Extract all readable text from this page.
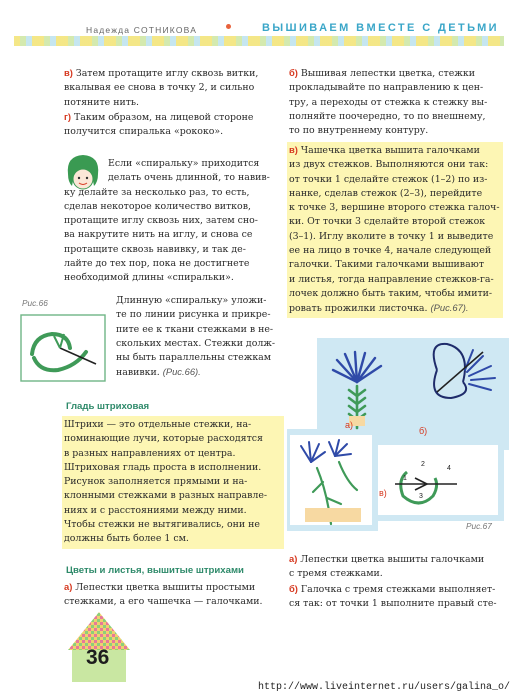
Надежда СОТНИКОВА	ВЫШИВАЕМ ВМЕСТЕ С ДЕТЬМИ

в) Затем протащите иглу сквозь витки, вкалывая ее снова в точку 2, и сильно потяните нить.

г) Таким образом, на лицевой стороне получится спиралька «рококо».

Если «спиральку» приходится
делать очень длинной, то навив-
ку делайте за несколько раз, то есть,
сделав некоторое количество витков,
протащите иглу сквозь них, затем сно-
ва накрутите нить на иглу, и снова се
протащите сквозь навивку, и так де-
лайте до тех пор, пока не достигнете
необходимой длины «спиральки».
Рис.66	Длинную «спиральку» уложи-
те по линии рисунка и прикре-
пите ее к ткани стежками в не-
скольких местах. Стежки долж-
ны быть параллельны стежкам
навивки. (Рис.66).
Гладь штриховая
Штрихи — это отдельные стежки, на-
поминающие лучи, которые расходятся
в разных направлениях от центра.
Штриховая гладь проста в исполнении.
Рисунок заполняется прямыми и на-
клонными стежками в разных направле-
ниях и с расстояниями между ними.
Чтобы стежки не вытягивались, они не
должны быть более 1 см.
Цветы и листья, вышитые штрихами
а) Лепестки цветка вышиты простыми
стежками, а его чашечка — галочками.
б) Вышивая лепестки цветка, стежки
прокладывайте по направлению к цен-
тру, а переходы от стежка к стежку вы-
полняйте поочередно, то по внешнему,
то по внутреннему контуру.
в) Чашечка цветка вышита галочками
из двух стежков. Выполняются они так:
от точки 1 сделайте стежок (1–2) по из-
нанке, сделав стежок (2–3), перейдите
к точке 3, вершине второго стежка галоч-
ки. От точки 3 сделайте второй стежок
(3–1). Иглу вколите в точку 1 и выведите
ее на лицо в точке 4, начале следующей
галочки. Такими галочками вышивают
и листья, тогда направление стежков-га-
лочек должно быть таким, чтобы имити-
ровать прожилки листочка. (Рис.67).
а)
б)
в)
1
2
3
4
Рис.67
а) Лепестки цветка вышиты галочками
с тремя стежками.
б) Галочка с тремя стежками выполняет-
ся так: от точки 1 выполните правый сте-
36
http://www.liveinternet.ru/users/galina_o/
